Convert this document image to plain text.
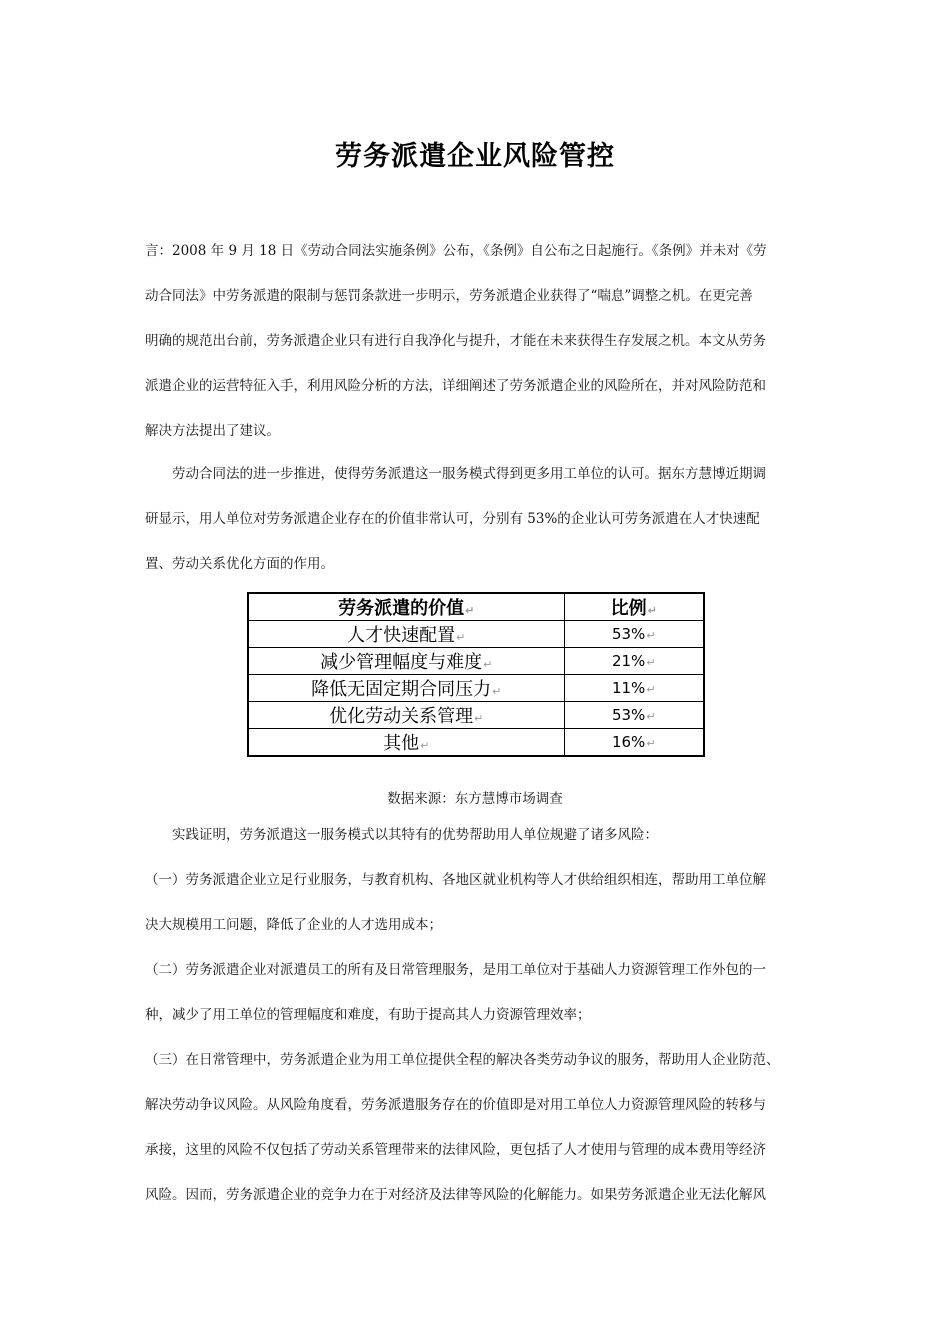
劳务派遣企业风险管控
言：2008 年 9 月 18 日《劳动合同法实施条例》公布，《条例》自公布之日起施行。《条例》并未对《劳
动合同法》中劳务派遣的限制与惩罚条款进一步明示，劳务派遣企业获得了“喘息”调整之机。在更完善
明确的规范出台前，劳务派遣企业只有进行自我净化与提升，才能在未来获得生存发展之机。本文从劳务
派遣企业的运营特征入手，利用风险分析的方法，详细阐述了劳务派遣企业的风险所在，并对风险防范和
解决方法提出了建议。
　　劳动合同法的进一步推进，使得劳务派遣这一服务模式得到更多用工单位的认可。据东方慧博近期调
研显示，用人单位对劳务派遣企业存在的价值非常认可，分别有 53%的企业认可劳务派遣在人才快速配
置、劳动关系优化方面的作用。
劳务派遣的价值↵	比例↵
人才快速配置↵	53%↵
减少管理幅度与难度↵	21%↵
降低无固定期合同压力↵	11%↵
优化劳动关系管理↵	53%↵
其他↵	16%↵
数据来源：东方慧博市场调查
　　实践证明，劳务派遣这一服务模式以其特有的优势帮助用人单位规避了诸多风险：
（一）劳务派遣企业立足行业服务，与教育机构、各地区就业机构等人才供给组织相连，帮助用工单位解
决大规模用工问题，降低了企业的人才选用成本；
（二）劳务派遣企业对派遣员工的所有及日常管理服务，是用工单位对于基础人力资源管理工作外包的一
种，减少了用工单位的管理幅度和难度，有助于提高其人力资源管理效率；
（三）在日常管理中，劳务派遣企业为用工单位提供全程的解决各类劳动争议的服务，帮助用人企业防范、
解决劳动争议风险。从风险角度看，劳务派遣服务存在的价值即是对用工单位人力资源管理风险的转移与
承接，这里的风险不仅包括了劳动关系管理带来的法律风险，更包括了人才使用与管理的成本费用等经济
风险。因而，劳务派遣企业的竞争力在于对经济及法律等风险的化解能力。如果劳务派遣企业无法化解风
